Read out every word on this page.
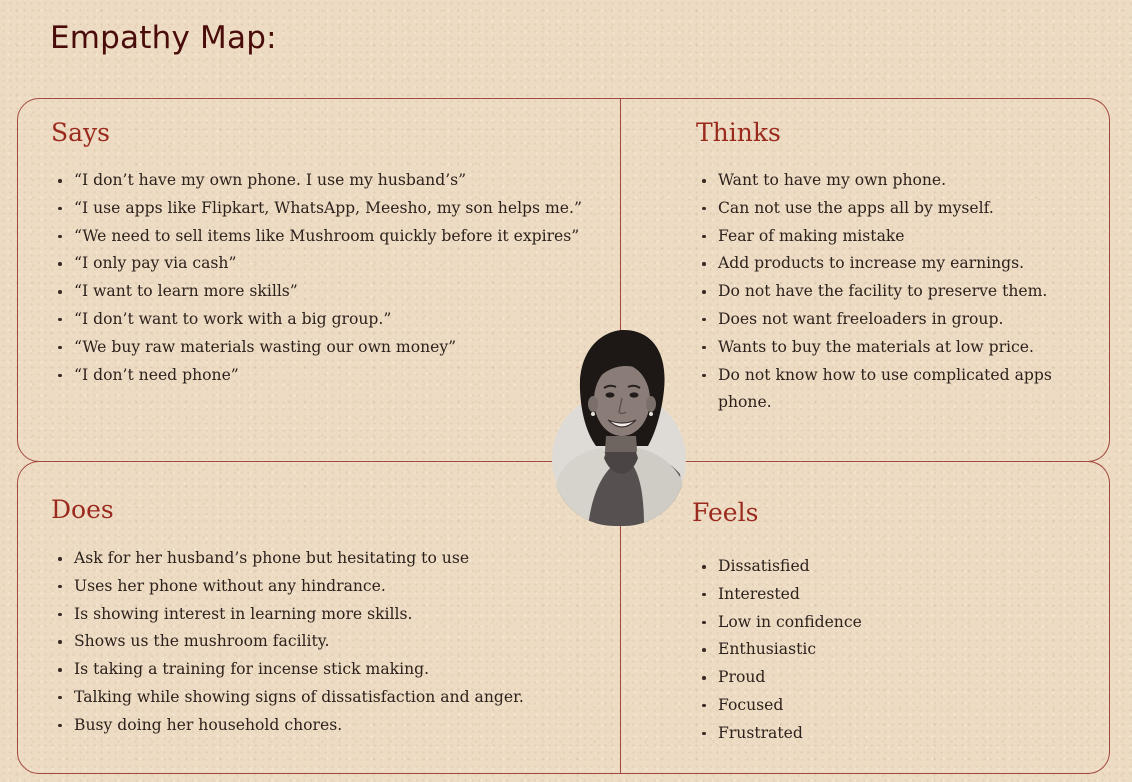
Empathy Map:
Says
“I don’t have my own phone. I use my husband’s”
“I use apps like Flipkart, WhatsApp, Meesho, my son helps me.”
“We need to sell items like Mushroom quickly before it expires”
“I only pay via cash”
“I want to learn more skills”
“I don’t want to work with a big group.”
“We buy raw materials wasting our own money”
“I don’t need phone”
Thinks
Want to have my own phone.
Can not use the apps all by myself.
Fear of making mistake
Add products to increase my earnings.
Do not have the facility to preserve them.
Does not want freeloaders in group.
Wants to buy the materials at low price.
Do not know how to use complicated apps phone.
Does
Ask for her husband’s phone but hesitating to use
Uses her phone without any hindrance.
Is showing interest in learning more skills.
Shows us the mushroom facility.
Is taking a training for incense stick making.
Talking while showing signs of dissatisfaction and anger.
Busy doing her household chores.
Feels
Dissatisfied
Interested
Low in confidence
Enthusiastic
Proud
Focused
Frustrated
